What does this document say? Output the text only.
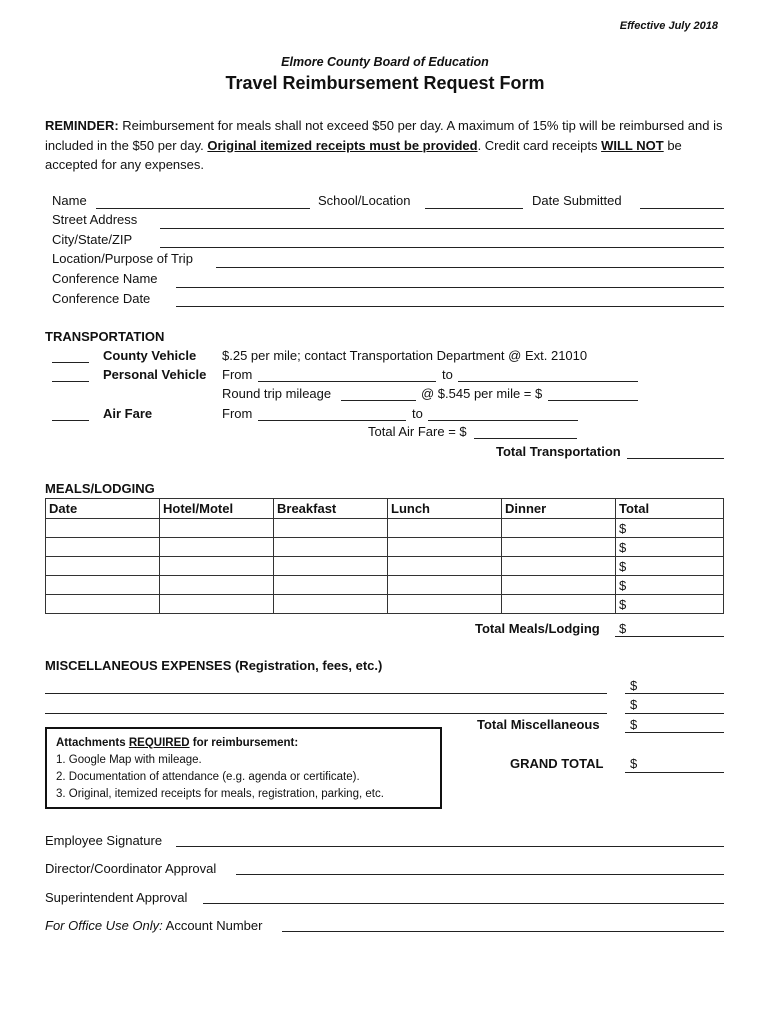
Effective July 2018
Elmore County Board of Education
Travel Reimbursement Request Form
REMINDER: Reimbursement for meals shall not exceed $50 per day. A maximum of 15% tip will be reimbursed and is included in the $50 per day. Original itemized receipts must be provided. Credit card receipts WILL NOT be accepted for any expenses.
Name	School/Location	Date Submitted
Street Address
City/State/ZIP
Location/Purpose of Trip
Conference Name
Conference Date
TRANSPORTATION
County Vehicle $.25 per mile; contact Transportation Department @ Ext. 21010
Personal Vehicle From	to
Round trip mileage	@ $.545 per mile = $
Air Fare	From	to
Total Air Fare = $
Total Transportation
MEALS/LODGING
Date	Hotel/Motel	Breakfast	Lunch	Dinner	Total
					$
					$
					$
					$
					$
Total Meals/Lodging $
MISCELLANEOUS EXPENSES (Registration, fees, etc.)
$
$
Total Miscellaneous $
Attachments REQUIRED for reimbursement:
1. Google Map with mileage.
2. Documentation of attendance (e.g. agenda or certificate).
3. Original, itemized receipts for meals, registration, parking, etc.
GRAND TOTAL $
Employee Signature
Director/Coordinator Approval
Superintendent Approval
For Office Use Only: Account Number
